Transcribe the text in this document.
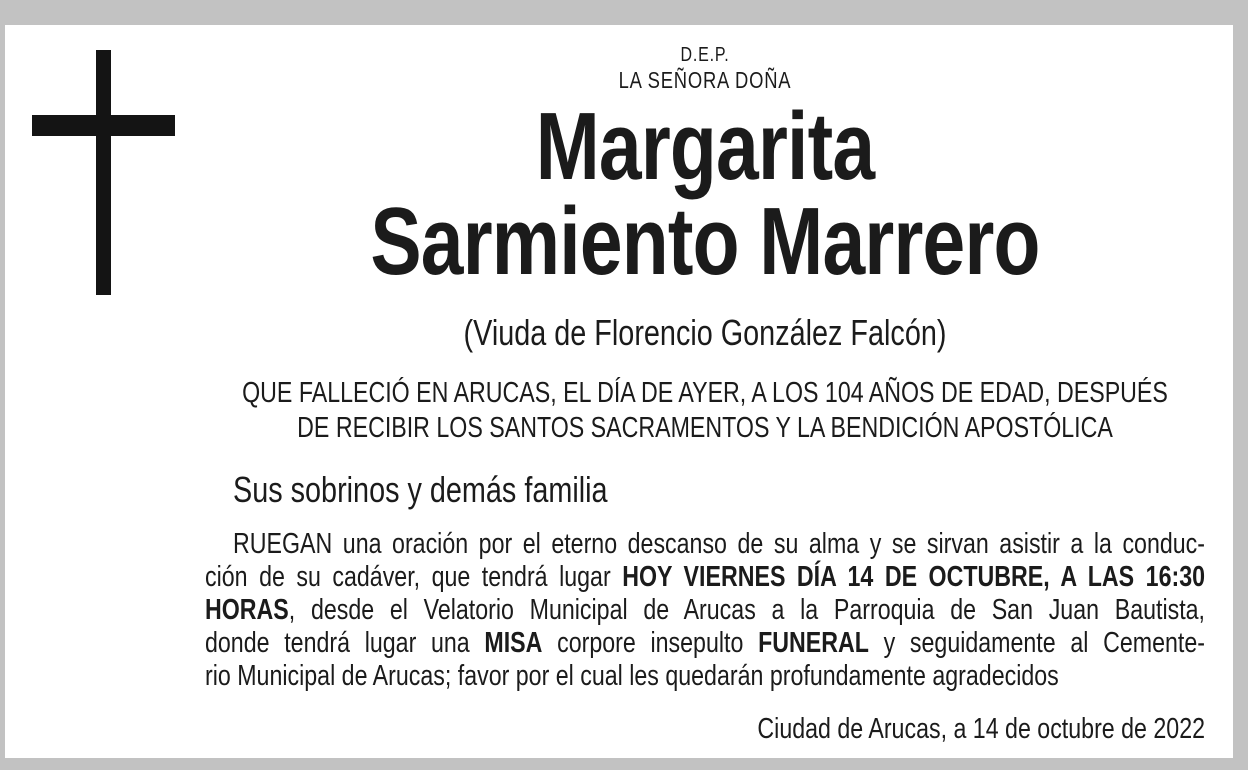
D.E.P.
LA SEÑORA DOÑA
Margarita
Sarmiento Marrero
(Viuda de Florencio González Falcón)
QUE FALLECIÓ EN ARUCAS, EL DÍA DE AYER, A LOS 104 AÑOS DE EDAD, DESPUÉS
DE RECIBIR LOS SANTOS SACRAMENTOS Y LA BENDICIÓN APOSTÓLICA
Sus sobrinos y demás familia
RUEGAN una oración por el eterno descanso de su alma y se sirvan asistir a la conduc-
ción de su cadáver, que tendrá lugar HOY VIERNES DÍA 14 DE OCTUBRE, A LAS 16:30
HORAS, desde el Velatorio Municipal de Arucas a la Parroquia de San Juan Bautista,
donde tendrá lugar una MISA corpore insepulto FUNERAL y seguidamente al Cemente-
rio Municipal de Arucas; favor por el cual les quedarán profundamente agradecidos
Ciudad de Arucas, a 14 de octubre de 2022
